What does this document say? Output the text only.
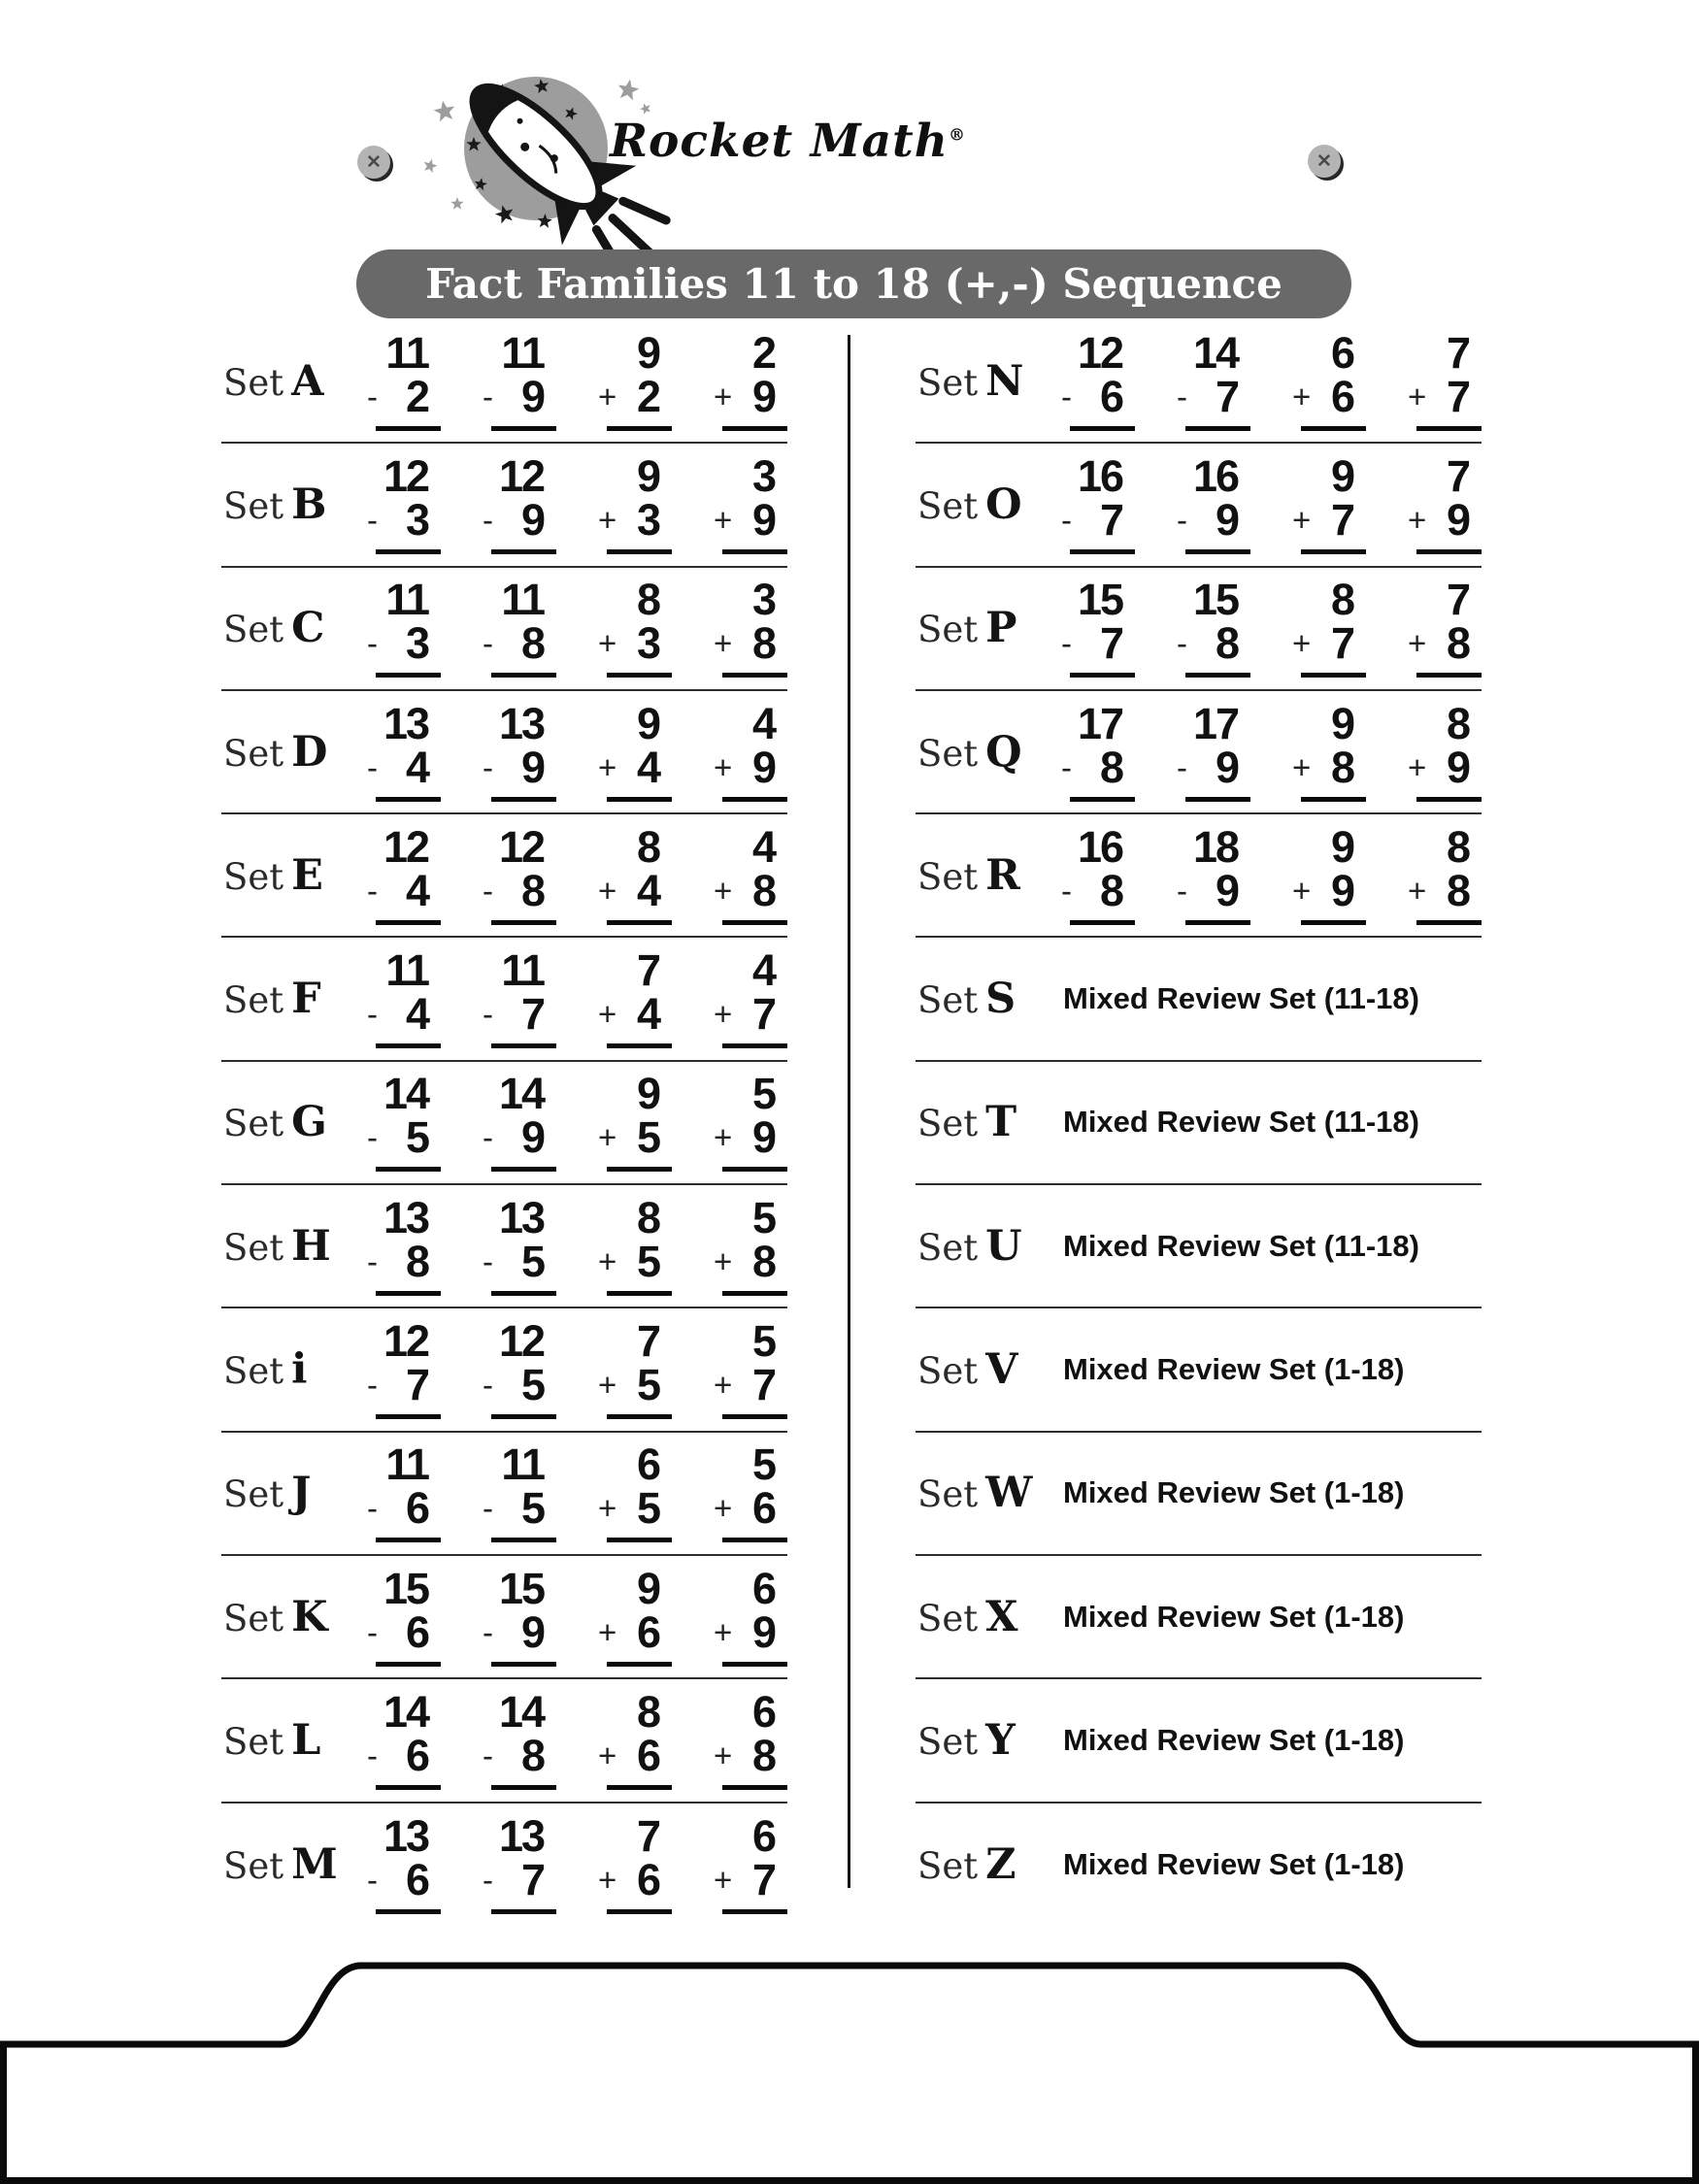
✕	✕
Rocket Math®
Fact Families 11 to 18 (+,-) Sequence
Set A
11
- 2
11
- 9
9
+ 2
2
+ 9
Set B
12
- 3
12
- 9
9
+ 3
3
+ 9
Set C
11
- 3
11
- 8
8
+ 3
3
+ 8
Set D
13
- 4
13
- 9
9
+ 4
4
+ 9
Set E
12
- 4
12
- 8
8
+ 4
4
+ 8
Set F
11
- 4
11
- 7
7
+ 4
4
+ 7
Set G
14
- 5
14
- 9
9
+ 5
5
+ 9
Set H
13
- 8
13
- 5
8
+ 5
5
+ 8
Set i
12
- 7
12
- 5
7
+ 5
5
+ 7
Set J
11
- 6
11
- 5
6
+ 5
5
+ 6
Set K
15
- 6
15
- 9
9
+ 6
6
+ 9
Set L
14
- 6
14
- 8
8
+ 6
6
+ 8
Set M
13
- 6
13
- 7
7
+ 6
6
+ 7
Set N
12
- 6
14
- 7
6
+ 6
7
+ 7
Set O
16
- 7
16
- 9
9
+ 7
7
+ 9
Set P
15
- 7
15
- 8
8
+ 7
7
+ 8
Set Q
17
- 8
17
- 9
9
+ 8
8
+ 9
Set R
16
- 8
18
- 9
9
+ 9
8
+ 8
Set S Mixed Review Set (11-18)
Set T Mixed Review Set (11-18)
Set U Mixed Review Set (11-18)
Set V Mixed Review Set (1-18)
Set W Mixed Review Set (1-18)
Set X Mixed Review Set (1-18)
Set Y Mixed Review Set (1-18)
Set Z Mixed Review Set (1-18)
